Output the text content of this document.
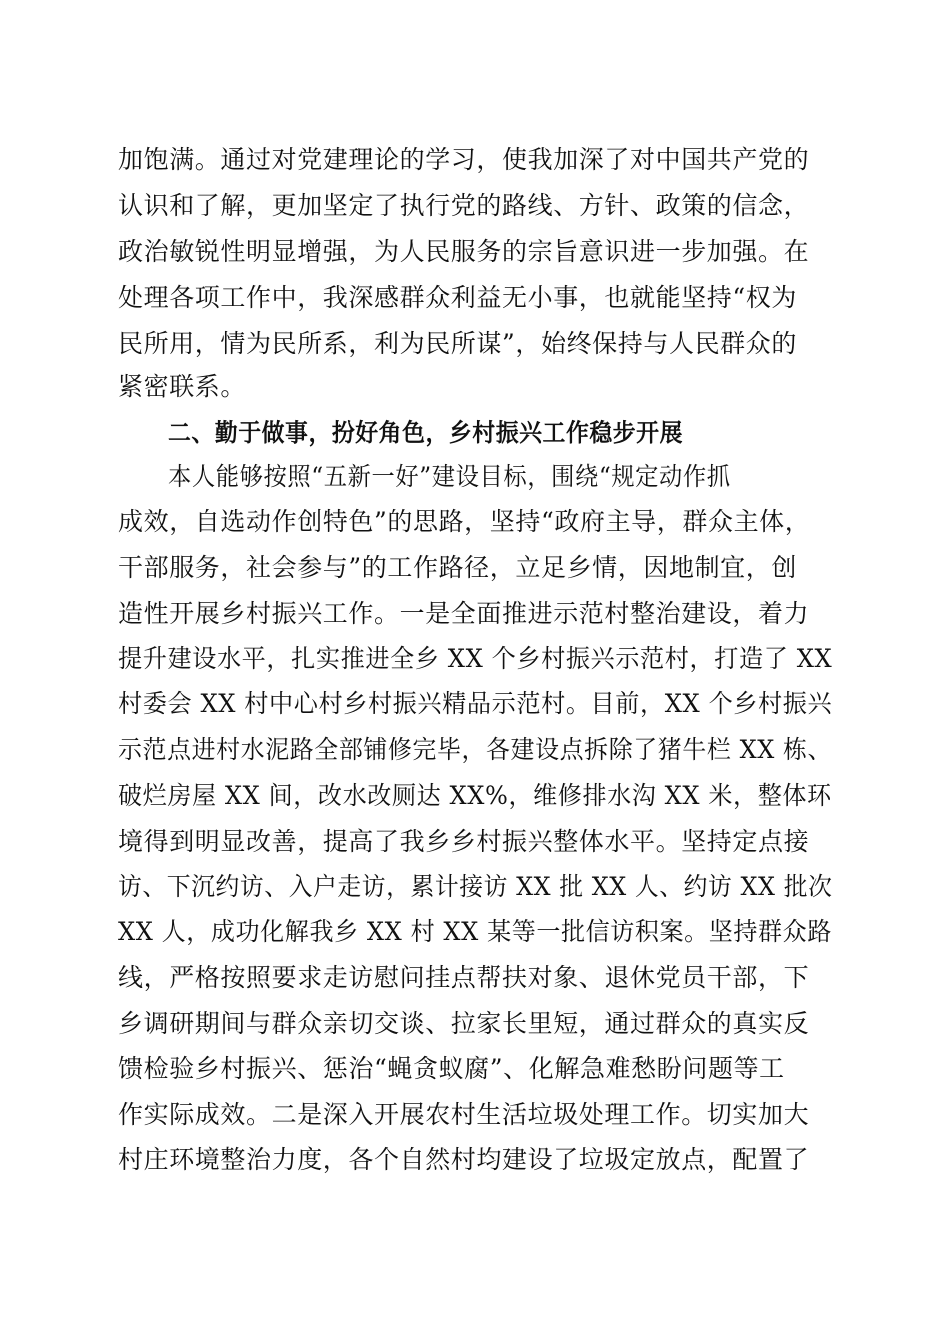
加饱满。通过对党建理论的学习，使我加深了对中国共产党的
认识和了解，更加坚定了执行党的路线、方针、政策的信念，
政治敏锐性明显增强，为人民服务的宗旨意识进一步加强。在
处理各项工作中，我深感群众利益无小事，也就能坚持“权为
民所用，情为民所系，利为民所谋”，始终保持与人民群众的
紧密联系。
二、勤于做事，扮好角色，乡村振兴工作稳步开展
本人能够按照“五新一好”建设目标，围绕“规定动作抓
成效，自选动作创特色”的思路，坚持“政府主导，群众主体，
干部服务，社会参与”的工作路径，立足乡情，因地制宜，创
造性开展乡村振兴工作。一是全面推进示范村整治建设，着力
提升建设水平，扎实推进全乡 XX 个乡村振兴示范村，打造了 XX
村委会 XX 村中心村乡村振兴精品示范村。目前，XX 个乡村振兴
示范点进村水泥路全部铺修完毕，各建设点拆除了猪牛栏 XX 栋、
破烂房屋 XX 间，改水改厕达 XX%，维修排水沟 XX 米，整体环
境得到明显改善，提高了我乡乡村振兴整体水平。坚持定点接
访、下沉约访、入户走访，累计接访 XX 批 XX 人、约访 XX 批次
XX 人，成功化解我乡 XX 村 XX 某等一批信访积案。坚持群众路
线，严格按照要求走访慰问挂点帮扶对象、退休党员干部，下
乡调研期间与群众亲切交谈、拉家长里短，通过群众的真实反
馈检验乡村振兴、惩治“蝇贪蚁腐”、化解急难愁盼问题等工
作实际成效。二是深入开展农村生活垃圾处理工作。切实加大
村庄环境整治力度，各个自然村均建设了垃圾定放点，配置了
